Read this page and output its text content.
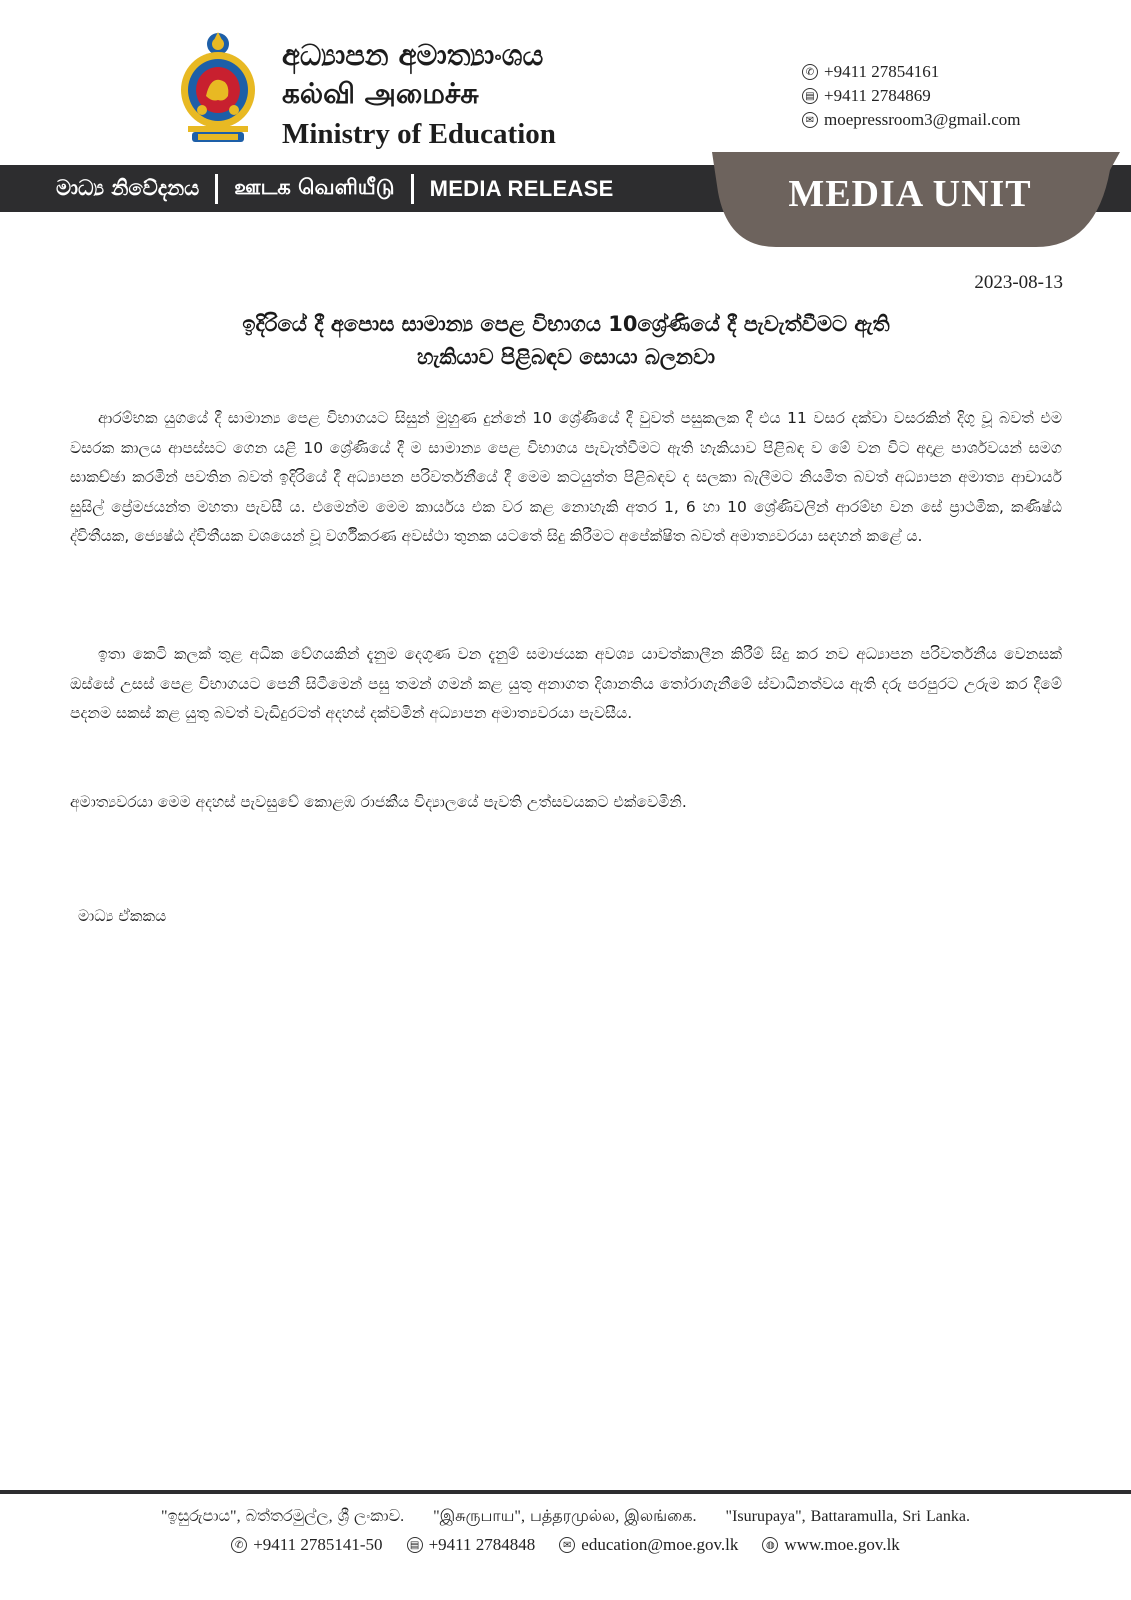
අධ්‍යාපන අමාත්‍යාංශය
கல்வி அமைச்சு
Ministry of Education
✆ +9411 27854161
▤ +9411 2784869
✉ moepressroom3@gmail.com
මාධ්‍ය නිවේදනය ஊடக வெளியீடு MEDIA RELEASE	MEDIA UNIT
2023-08-13
ඉදිරියේ දී අපොස සාමාන්‍ය පෙළ විභාගය 10ශ්‍රේණියේ දී පැවැත්වීමට ඇති
හැකියාව පිළිබඳව සොයා බලනවා
ආරම්භක යුගයේ දී සාමාන්‍ය පෙළ විභාගයට සිසුන් මුහුණ දුන්නේ 10 ශ්‍රේණියේ දී වුවත් පසුකලක දී එය 11 වසර දක්වා වසරකින් දිගු වූ බවත් එම වසරක කාලය ආපස්සට ගෙන යළි 10 ශ්‍රේණියේ දී ම සාමාන්‍ය පෙළ විභාගය පැවැත්වීමට ඇති හැකියාව පිළිබඳ ව මේ වන විට අදාළ පාර්ශවයන් සමග සාකච්ඡා කරමින් පවතින බවත් ඉදිරියේ දී අධ්‍යාපන පරිවර්තනීයේ දී මෙම කටයුත්ත පිළිබඳව ද සලකා බැලීමට නියමිත බවත් අධ්‍යාපන අමාත්‍ය ආචාර්ය සුසිල් ප්‍රේමජයන්ත මහතා පැවසී ය. එමෙන්ම මෙම කාර්යය එක වර කළ නොහැකි අතර 1, 6 හා 10 ශ්‍රේණිවලින් ආරම්භ වන සේ ප්‍රාථමික, කණිෂ්ඨ ද්විතීයක, ජ්‍යෙෂ්ඨ ද්විතීයක වශයෙන් වූ වර්ගීකරණ අවස්ථා තුනක යටතේ සිදු කිරීමට අපේක්ෂිත බවත් අමාත්‍යවරයා සඳහන් කළේ ය.
ඉතා කෙටි කලක් තුළ අධික වේගයකින් දැනුම දෙගුණ වන දැනුම් සමාජයක අවශ්‍ය යාවත්කාලීන කිරීම් සිදු කර නව අධ්‍යාපන පරිවර්තනීය වෙනසක් ඔස්සේ උසස් පෙළ විභාගයට පෙනී සිටීමෙන් පසු තමන් ගමන් කළ යුතු අනාගත දිශානතිය තෝරාගැනීමේ ස්වාධීනත්වය ඇති දරු පරපුරට උරුම කර දීමේ පදනම සකස් කළ යුතු බවත් වැඩිදුරටත් අදහස් දක්වමින් අධ්‍යාපන අමාත්‍යවරයා පැවසීය.
අමාත්‍යවරයා මෙම අදහස් පැවසුවේ කොළඹ රාජකීය විද්‍යාලයේ පැවති උත්සවයකට එක්වෙමිනි.
මාධ්‍ය ඒකකය
"ඉසුරුපාය", බත්තරමුල්ල, ශ්‍රී ලංකාව. "இசுருபாய", பத்தரமுல்ல, இலங்கை. "Isurupaya", Battaramulla, Sri Lanka.
✆ +9411 2785141-50	▤ +9411 2784848	✉ education@moe.gov.lk	◍ www.moe.gov.lk
